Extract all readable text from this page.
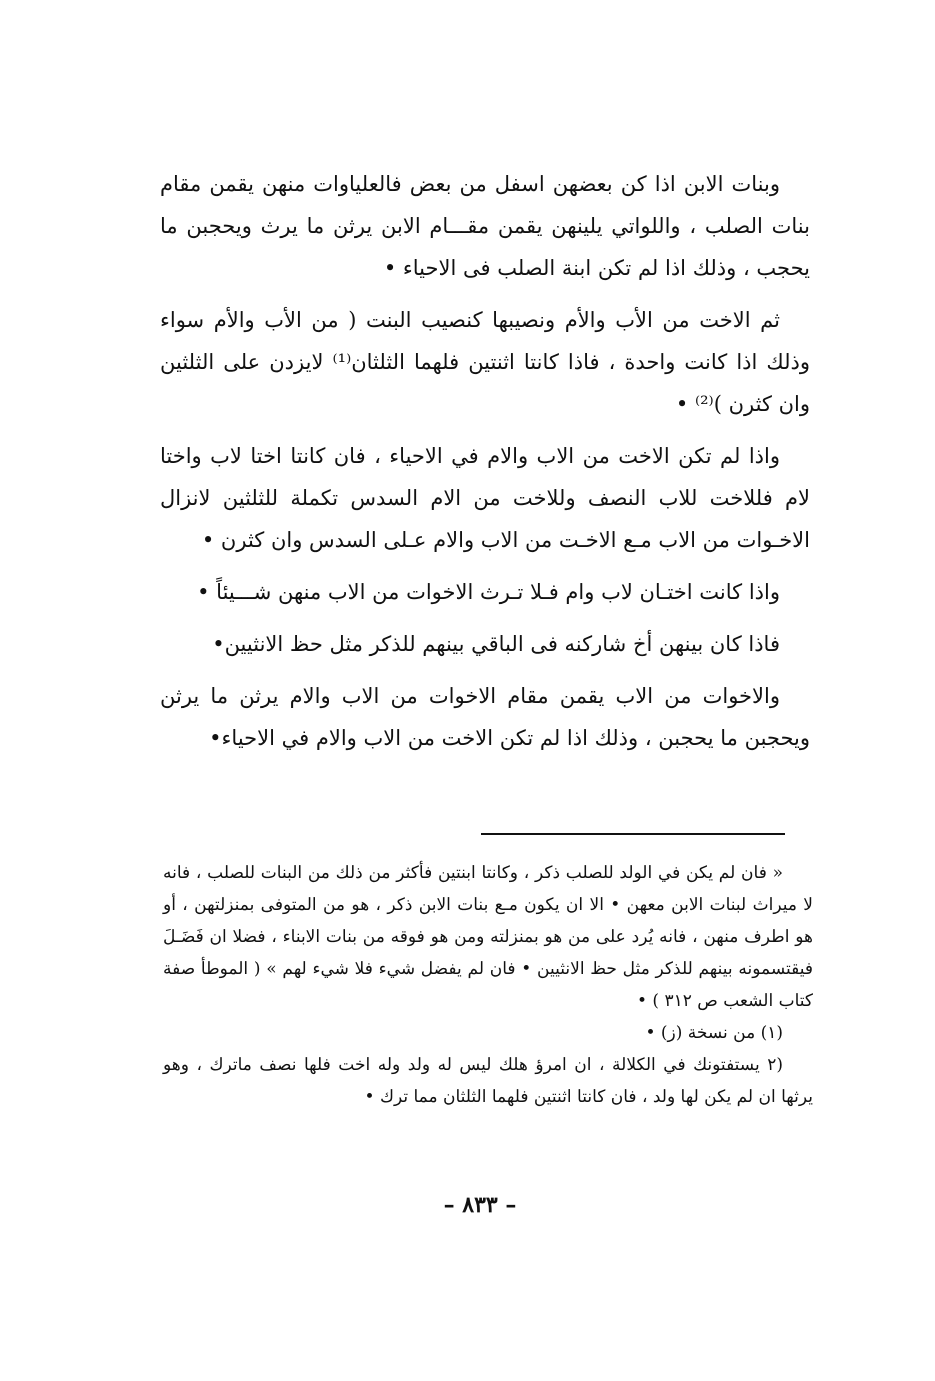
وبنات الابن اذا كن بعضهن اسفل من بعض فالعلياوات منهن يقمن مقام بنات الصلب ، واللواتي يلينهن يقمن مقـــام الابن يرثن ما يرث ويحجبن ما يحجب ، وذلك اذا لم تكن ابنة الصلب فى الاحياء •

ثم الاخت من الأب والأم ونصيبها كنصيب البنت ( من الأب والأم سواء وذلك اذا كانت واحدة ، فاذا كانتا اثنتين فلهما الثلثان⁽¹⁾ لايزدن على الثلثين وان كثرن )⁽²⁾ •

واذا لم تكن الاخت من الاب والام في الاحياء ، فان كانتا اختا لاب واختا لام فللاخت للاب النصف وللاخت من الام السدس تكملة للثلثين لانزال الاخـوات من الاب مـع الاخـت من الاب والام عـلى السدس وان كثرن •

واذا كانت اختـان لاب وام فـلا تـرث الاخوات من الاب منهن شـــيئاً •

فاذا كان بينهن أخ شاركنه فى الباقي بينهم للذكر مثل حظ الانثيين•

والاخوات من الاب يقمن مقام الاخوات من الاب والام يرثن ما يرثن ويحجبن ما يحجبن ، وذلك اذا لم تكن الاخت من الاب والام في الاحياء•

« فان لم يكن في الولد للصلب ذكر ، وكانتا ابنتين فأكثر من ذلك من البنات للصلب ، فانه لا ميراث لبنات الابن معهن • الا ان يكون مـع بنات الابن ذكر ، هو من المتوفى بمنزلتهن ، أو هو اطرف منهن ، فانه يُرد على من هو بمنزلته ومن هو فوقه من بنات الابناء ، فضلا ان فَضَـلَ فيقتسمونه بينهم للذكر مثل حظ الانثيين • فان لم يفضل شيء فلا شيء لهم » ( الموطأ صفة كتاب الشعب ص ٣١٢ ) •

(١) من نسخة (ز) •

(٢ يستفتونك في الكلالة ، ان امرؤ هلك ليس له ولد وله اخت فلها نصف ماترك ، وهو يرثها ان لم يكن لها ولد ، فان كانتا اثنتين فلهما الثلثان مما ترك •

– ٨٣٣ –
